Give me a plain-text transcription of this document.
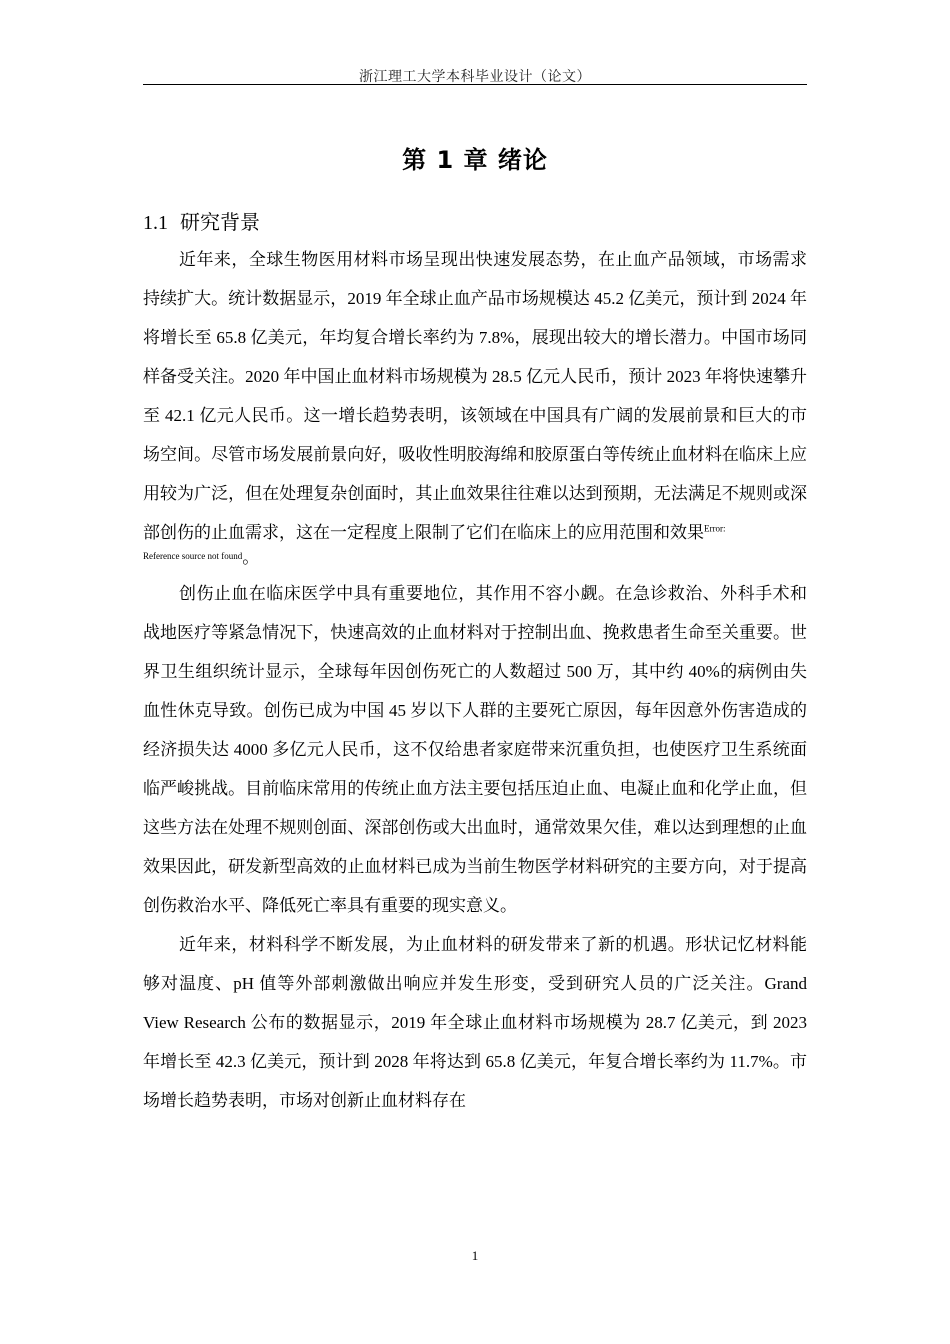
浙江理工大学本科毕业设计（论文）
第 1 章 绪论
1.1 研究背景

近年来，全球生物医用材料市场呈现出快速发展态势，在止血产品领域，市场需求持续扩大。统计数据显示，2019 年全球止血产品市场规模达 45.2 亿美元，预计到 2024 年将增长至 65.8 亿美元，年均复合增长率约为 7.8%，展现出较大的增长潜力。中国市场同样备受关注。2020 年中国止血材料市场规模为 28.5 亿元人民币，预计 2023 年将快速攀升至 42.1 亿元人民币。这一增长趋势表明，该领域在中国具有广阔的发展前景和巨大的市场空间。尽管市场发展前景向好，吸收性明胶海绵和胶原蛋白等传统止血材料在临床上应用较为广泛，但在处理复杂创面时，其止血效果往往难以达到预期，无法满足不规则或深部创伤的止血需求，这在一定程度上限制了它们在临床上的应用范围和效果$^{Error:}$
Reference source not found。

创伤止血在临床医学中具有重要地位，其作用不容小觑。在急诊救治、外科手术和战地医疗等紧急情况下，快速高效的止血材料对于控制出血、挽救患者生命至关重要。世界卫生组织统计显示，全球每年因创伤死亡的人数超过 500 万，其中约 40%的病例由失血性休克导致。创伤已成为中国 45 岁以下人群的主要死亡原因，每年因意外伤害造成的经济损失达 4000 多亿元人民币，这不仅给患者家庭带来沉重负担，也使医疗卫生系统面临严峻挑战。目前临床常用的传统止血方法主要包括压迫止血、电凝止血和化学止血，但这些方法在处理不规则创面、深部创伤或大出血时，通常效果欠佳，难以达到理想的止血效果因此，研发新型高效的止血材料已成为当前生物医学材料研究的主要方向，对于提高创伤救治水平、降低死亡率具有重要的现实意义。

近年来，材料科学不断发展，为止血材料的研发带来了新的机遇。形状记忆材料能够对温度、pH 值等外部刺激做出响应并发生形变，受到研究人员的广泛关注。Grand View Research 公布的数据显示，2019 年全球止血材料市场规模为 28.7 亿美元，到 2023 年增长至 42.3 亿美元，预计到 2028 年将达到 65.8 亿美元，年复合增长率约为 11.7%。市场增长趋势表明，市场对创新止血材料存在

1
